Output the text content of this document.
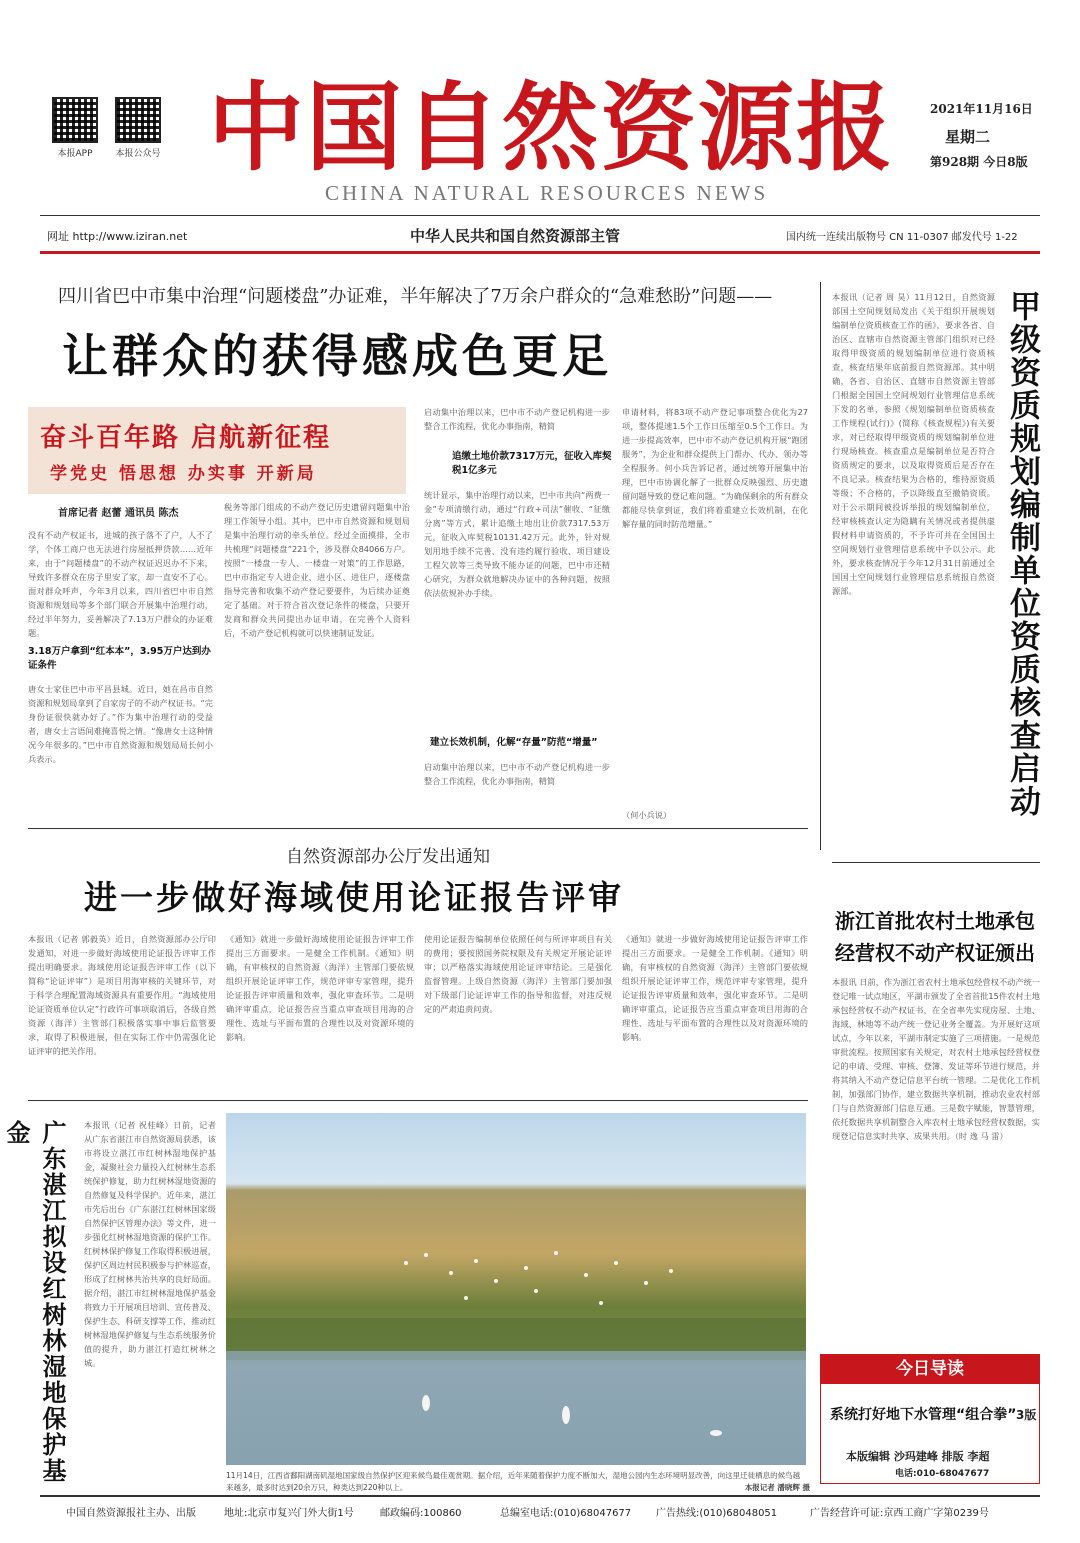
本报APP	本报公众号 中国自然资源报
CHINA NATURAL RESOURCES NEWS
2021年11月16日
星期二
第928期 今日8版
网址 http://www.iziran.net	中华人民共和国自然资源部主管	国内统一连续出版物号 CN 11-0307 邮发代号 1-22
四川省巴中市集中治理“问题楼盘”办证难，半年解决了7万余户群众的“急难愁盼”问题——
让群众的获得感成色更足
奋斗百年路 启航新征程
学党史 悟思想 办实事 开新局
首席记者 赵蕾 通讯员 陈杰
没有不动产权证书，进城的孩子落不了户，人不了学，个体工商户也无法进行房屋抵押贷款……近年来，由于“问题楼盘”的不动产权证迟迟办不下来，导致许多群众在房子里安了家，却一直安不了心。面对群众呼声，今年3月以来，四川省巴中市自然资源和规划局等多个部门联合开展集中治理行动，经过半年努力，妥善解决了7.13万户群众的办证难题。
3.18万户拿到“红本本”，3.95万户达到办证条件
唐女士家住巴中市平昌县城。近日，她在昌市自然资源和规划局拿到了自家房子的不动产权证书。“完身份证很快就办好了。”作为集中治理行动的受益者，唐女士言语间难掩喜悦之情。“像唐女士这种情况今年很多的。”巴中市自然资源和规划局局长何小兵表示。
税务等部门组成的不动产登记历史遗留问题集中治理工作领导小组。其中，巴中市自然资源和规划局是集中治理行动的牵头单位。经过全面摸排，全市共梳理“问题楼盘”221个，涉及群众84066万户。按照“一楼盘一专人、一楼盘一对策”的工作思路，巴中市指定专人进企业、进小区、进住户，逐楼盘指导完善和收集不动产登记要要件，为后续办证奠定了基础。对于符合首次登记条件的楼盘，只要开发商和群众共同提出办证申请，在完善个人资料后，不动产登记机构就可以快速制证发证。
启动集中治理以来，巴中市不动产登记机构进一步整合工作流程，优化办事指南，精简
追缴土地价款7317万元，征收入库契税1亿多元
统计显示，集中治理行动以来，巴中市共向“两费一金”专项清缴行动，通过“行政+司法”催收、“征缴分离”等方式，累计追缴土地出让价款7317.53万元，征收入库契税10131.42万元。此外，针对规划用地手续不完善、没有违约履行验收、项目建设工程欠款等三类导致不能办证的问题，巴中市还精心研究，为群众就地解决办证中的各种问题，按照依法依规补办手续。
建立长效机制，化解“存量”防范“增量”
启动集中治理以来，巴中市不动产登记机构进一步整合工作流程，优化办事指南，精简
申请材料，将83项不动产登记事项整合优化为27项，整体提速1.5个工作日压缩至0.5个工作日。为进一步提高效率，巴中市不动产登记机构开展“跑团服务”，为企业和群众提供上门帮办、代办、领办等全程服务。何小兵告诉记者，通过统筹开展集中治理，巴中市协调化解了一批群众反映强烈、历史遗留问题导致的登记难问题。“为确保剩余的所有群众都能尽快拿到证，我们将着重建立长效机制，在化解存量的同时防范增量。”
（何小兵说）
本报讯（记者 周 昊）11月12日，自然资源部国土空间规划局发出《关于组织开展规划编制单位资质核查工作的函》，要求各省、自治区、直辖市自然资源主管部门组织对已经取得甲级资质的规划编制单位进行资质核查，核查结果年底前报自然资源部。其中明确，各省、自治区、直辖市自然资源主管部门根据全国国土空间规划行业管理信息系统下发的名单，参照《规划编制单位资质核查工作规程(试行)》(简称《核查规程》)有关要求，对已经取得甲级资质的规划编制单位进行现场核查。核查重点是编制单位是否符合资质规定的要求，以及取得资质后是否存在不良记录。核查结果为合格的，维持原资质等级；不合格的，予以降级直至撤销资质。对于公示期间被投诉举报的规划编制单位，经审核核查认定为隐瞒有关情况或者提供虚假材料申请资质的，不予许可并在全国国土空间规划行业管理信息系统中予以公示。此外，要求核查情况于今年12月31日前通过全国国土空间规划行业管理信息系统报自然资源部。	甲级资质规划编制单位资质核查启动
自然资源部办公厅发出通知
进一步做好海域使用论证报告评审
本报讯（记者 郭毅英）近日，自然资源部办公厅印发通知，对进一步做好海域使用论证报告评审工作提出明确要求。海域使用论证报告评审工作（以下简称“论证评审”）是项目用海审核的关键环节，对于科学合理配置海域资源具有重要作用。“海域使用论证资质单位认定”行政许可事项取消后，各级自然资源（海洋）主管部门积极落实事中事后监管要求，取得了积极进展，但在实际工作中仍需强化论证评审的把关作用。
《通知》就进一步做好海域使用论证报告评审工作提出三方面要求。一是健全工作机制。《通知》明确，有审核权的自然资源（海洋）主管部门要依规组织开展论证评审工作，规范评审专家管理，提升论证报告评审质量和效率，强化审查环节。二是明确评审重点，论证报告应当重点审查项目用海的合理性、选址与平面布置的合理性以及对资源环境的影响。
使用论证报告编制单位依照任何与所评审项目有关的费用；要按照国务院权限及有关规定开展论证评审；以严格落实海域使用论证评审结论。三是强化监督管理。上级自然资源（海洋）主管部门要加强对下级部门论证评审工作的指导和监督，对违反规定的严肃追责问责。
《通知》就进一步做好海域使用论证报告评审工作提出三方面要求。一是健全工作机制。《通知》明确，有审核权的自然资源（海洋）主管部门要依规组织开展论证评审工作，规范评审专家管理，提升论证报告评审质量和效率，强化审查环节。二是明确评审重点，论证报告应当重点审查项目用海的合理性、选址与平面布置的合理性以及对资源环境的影响。
浙江首批农村土地承包经营权不动产权证颁出
本报讯 日前，作为浙江省农村土地承包经营权不动产统一登记唯一试点地区，平湖市颁发了全省首批15件农村土地承包经营权不动产权证书，在全省率先实现房屋、土地、海域、林地等不动产统一登记业务全覆盖。为开展好这项试点，今年以来，平湖市制定实施了三项措施。一是规范审批流程。按照国家有关规定，对农村土地承包经营权登记的申请、受理、审核、登簿、发证等环节进行规范，并将其纳入不动产登记信息平台统一管理。二是优化工作机制，加强部门协作，建立数据共享机制，推动农业农村部门与自然资源部门信息互通。三是数字赋能，智慧管理，依托数据共享机制整合入库农村土地承包经营权数据，实现登记信息实时共享、成果共用。（时 逸 马 雷）
广东湛江拟设红树林湿地保护基金	本报讯（记者 祝桂峰）日前，记者从广东省湛江市自然资源局获悉，该市将设立湛江市红树林湿地保护基金，凝聚社会力量投入红树林生态系统保护修复，助力红树林湿地资源的自然修复及科学保护。近年来，湛江市先后出台《广东湛江红树林国家级自然保护区管理办法》等文件，进一步强化红树林湿地资源的保护工作。红树林保护修复工作取得积极进展，保护区周边村民积极参与护林巡查，形成了红树林共治共享的良好局面。据介绍，湛江市红树林湿地保护基金将致力于开展项目培训、宣传普及、保护生态、科研支撑等工作，推动红树林湿地保护修复与生态系统服务价值的提升，助力湛江打造红树林之城。
11月14日，江西省鄱阳湖南矶湿地国家级自然保护区迎来候鸟最佳观赏期。据介绍，近年来随着保护力度不断加大，湿地公园内生态环境明显改善，向这里迁徙栖息的候鸟越来越多，最多时达到20余万只，种类达到220种以上。	本报记者 潘晓辉 摄
今日导读
系统打好地下水管理“组合拳” 3版
本版编辑 沙玛建峰 排版 李超
电话:010-68047677
中国自然资源报社主办、出版	地址:北京市复兴门外大街1号	邮政编码:100860	总编室电话:(010)68047677 广告热线:(010)68048051	广告经营许可证:京西工商广字第0239号
